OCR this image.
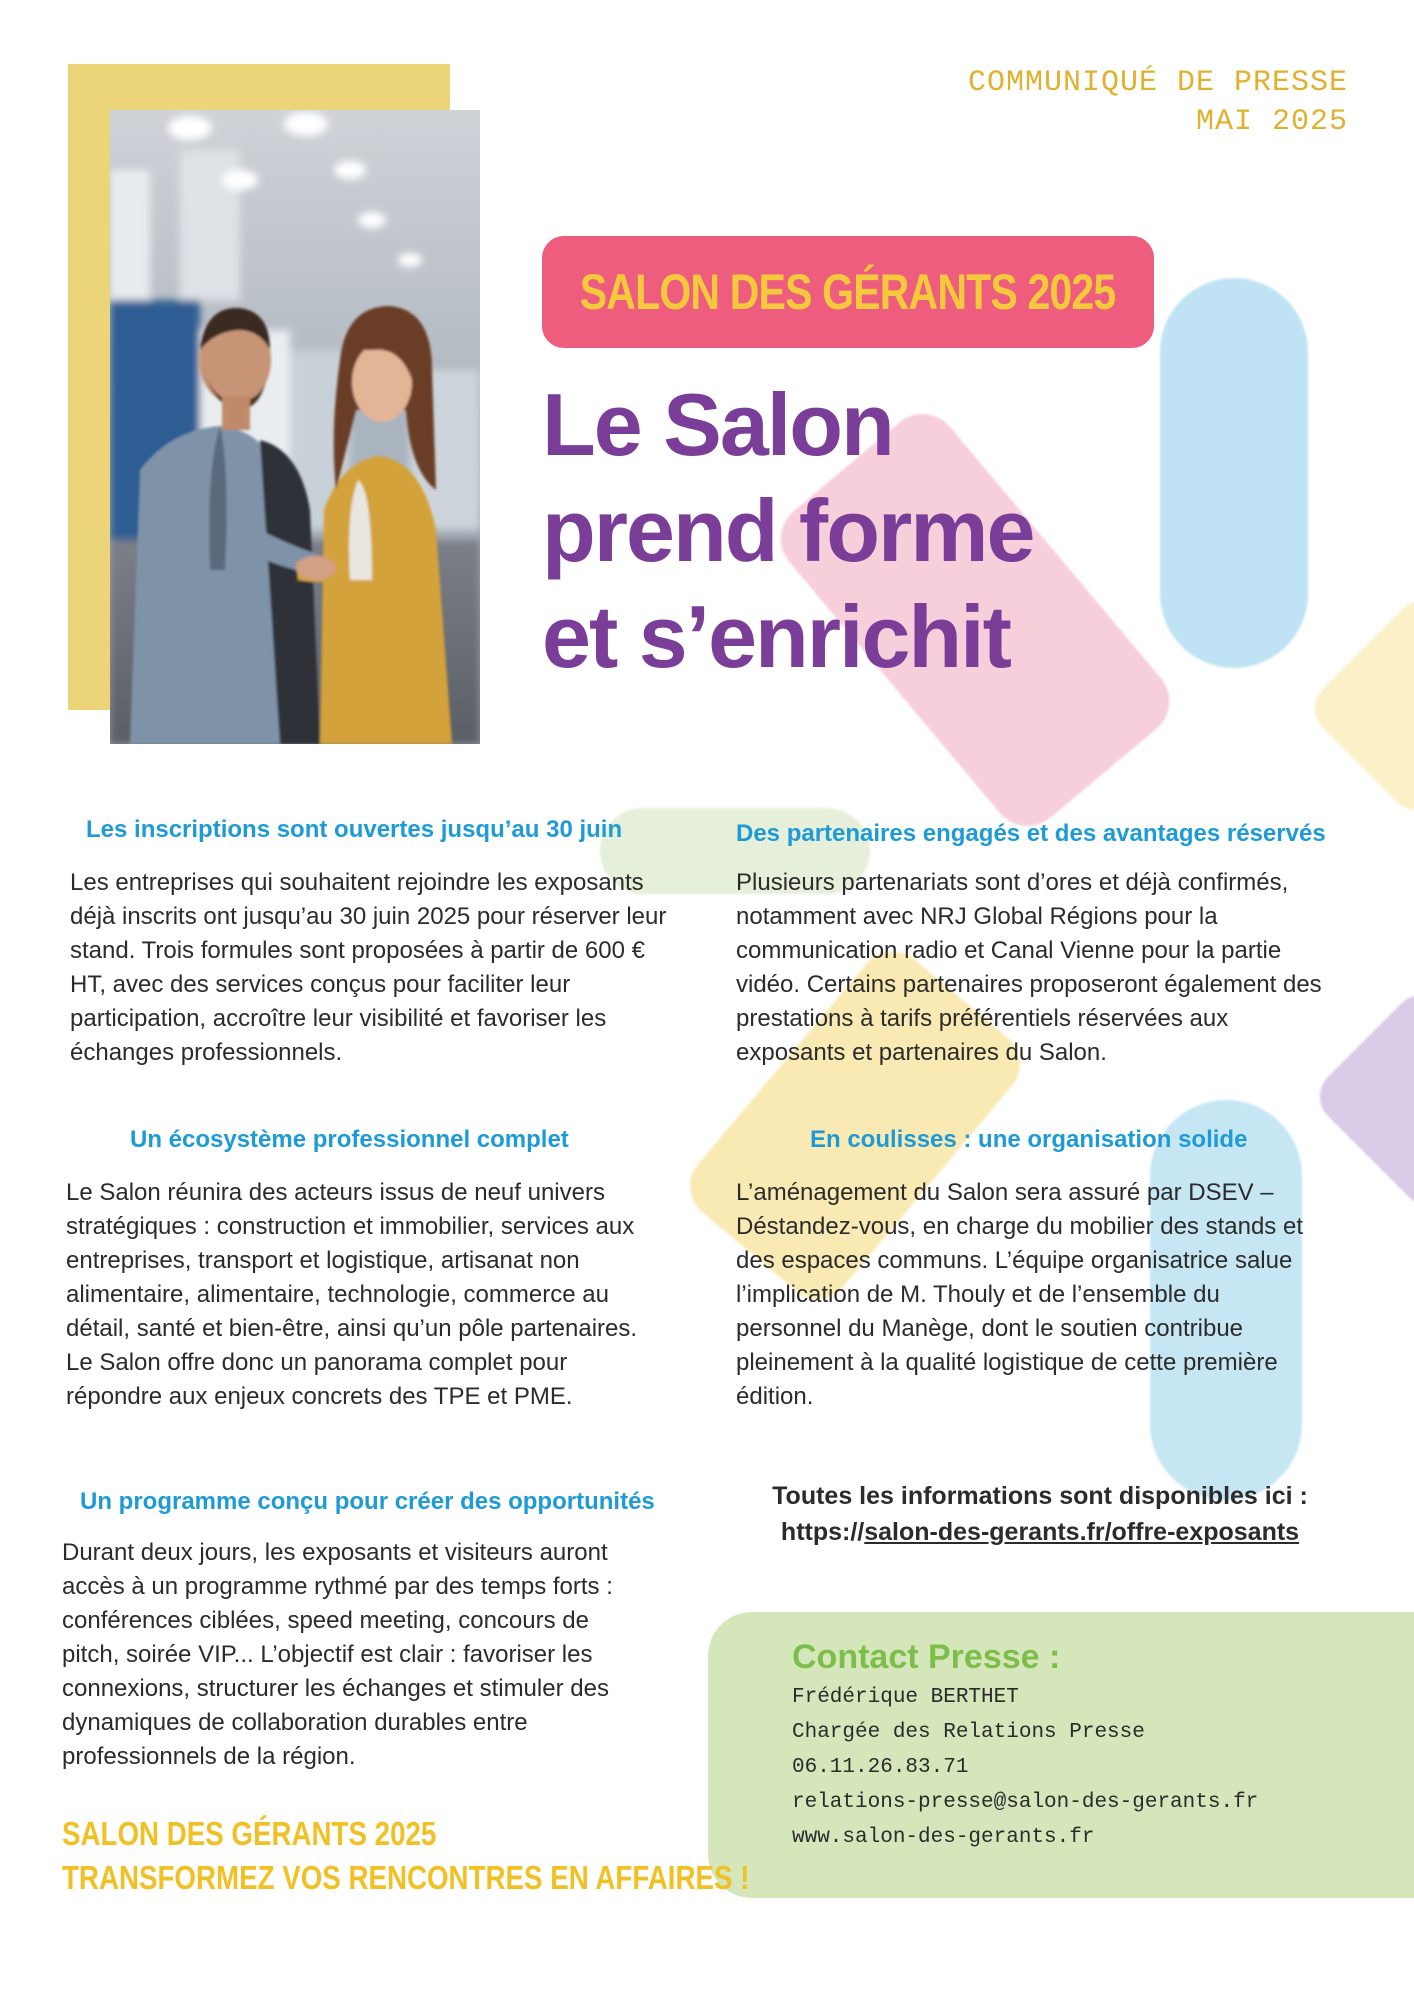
COMMUNIQUÉ DE PRESSE
MAI 2025
SALON DES GÉRANTS 2025
Le Salon
prend forme
et s’enrichit
Les inscriptions sont ouvertes jusqu’au 30 juin
Les entreprises qui souhaitent rejoindre les exposants
déjà inscrits ont jusqu’au 30 juin 2025 pour réserver leur
stand. Trois formules sont proposées à partir de 600 €
HT, avec des services conçus pour faciliter leur
participation, accroître leur visibilité et favoriser les
échanges professionnels.
Des partenaires engagés et des avantages réservés
Plusieurs partenariats sont d’ores et déjà confirmés,
notamment avec NRJ Global Régions pour la
communication radio et Canal Vienne pour la partie
vidéo. Certains partenaires proposeront également des
prestations à tarifs préférentiels réservées aux
exposants et partenaires du Salon.
Un écosystème professionnel complet
Le Salon réunira des acteurs issus de neuf univers
stratégiques : construction et immobilier, services aux
entreprises, transport et logistique, artisanat non
alimentaire, alimentaire, technologie, commerce au
détail, santé et bien-être, ainsi qu’un pôle partenaires.
Le Salon offre donc un panorama complet pour
répondre aux enjeux concrets des TPE et PME.
En coulisses : une organisation solide
L’aménagement du Salon sera assuré par DSEV –
Déstandez-vous, en charge du mobilier des stands et
des espaces communs. L’équipe organisatrice salue
l’implication de M. Thouly et de l’ensemble du
personnel du Manège, dont le soutien contribue
pleinement à la qualité logistique de cette première
édition.
Un programme conçu pour créer des opportunités
Durant deux jours, les exposants et visiteurs auront
accès à un programme rythmé par des temps forts :
conférences ciblées, speed meeting, concours de
pitch, soirée VIP... L’objectif est clair : favoriser les
connexions, structurer les échanges et stimuler des
dynamiques de collaboration durables entre
professionnels de la région.
Toutes les informations sont disponibles ici :
https://salon-des-gerants.fr/offre-exposants
Contact Presse :
Frédérique BERTHET
Chargée des Relations Presse
06.11.26.83.71
relations-presse@salon-des-gerants.fr
www.salon-des-gerants.fr
SALON DES GÉRANTS 2025
TRANSFORMEZ VOS RENCONTRES EN AFFAIRES !
